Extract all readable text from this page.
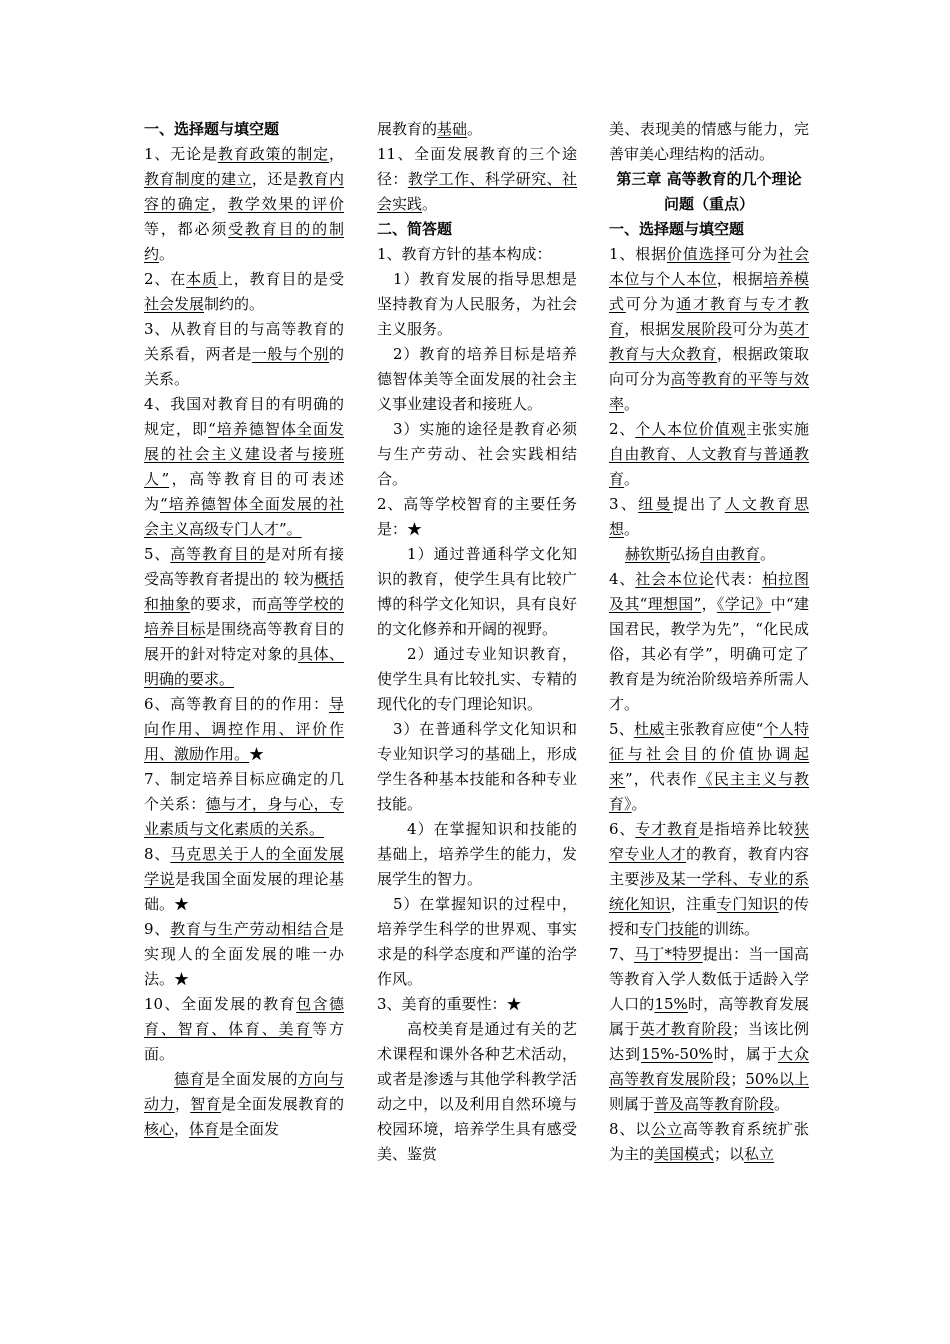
一、选择题与填空题

1、无论是教育政策的制定，教育制度的建立，还是教育内容的确定，教学效果的评价等，都必须受教育目的的制约。

2、在本质上，教育目的是受社会发展制约的。

3、从教育目的与高等教育的关系看，两者是一般与个别的关系。

4、我国对教育目的有明确的规定，即“培养德智体全面发展的社会主义建设者与接班人”，高等教育目的可表述为“培养德智体全面发展的社会主义高级专门人才”。

5、高等教育目的是对所有接受高等教育者提出的 较为概括和抽象的要求，而高等学校的培养目标是围绕高等教育目的展开的針对特定对象的具体、明确的要求。

6、高等教育目的的作用：导向作用、调控作用、评价作用、激励作用。★

7、制定培养目标应确定的几个关系：德与才，身与心，专业素质与文化素质的关系。

8、马克思关于人的全面发展学说是我国全面发展的理论基础。★

9、教育与生产劳动相结合是实现人的全面发展的唯一办法。★

10、全面发展的教育包含德育、智育、体育、美育等方面。

德育是全面发展的方向与动力，智育是全面发展教育的核心，体育是全面发

展教育的基础。

11、全面发展教育的三个途径：教学工作、科学研究、社会实践。

二、简答题

1、教育方针的基本构成：

1）教育发展的指导思想是坚持教育为人民服务，为社会主义服务。

2）教育的培养目标是培养德智体美等全面发展的社会主义事业建设者和接班人。

3）实施的途径是教育必须与生产劳动、社会实践相结合。

2、高等学校智育的主要任务是：★

1）通过普通科学文化知识的教育，使学生具有比较广博的科学文化知识，具有良好的文化修养和开阔的视野。

2）通过专业知识教育，使学生具有比较扎实、专精的现代化的专门理论知识。

3）在普通科学文化知识和专业知识学习的基础上，形成学生各种基本技能和各种专业技能。

4）在掌握知识和技能的基础上，培养学生的能力，发展学生的智力。

5）在掌握知识的过程中，培养学生科学的世界观、事实求是的科学态度和严谨的治学作风。

3、美育的重要性：★

高校美育是通过有关的艺术课程和课外各种艺术活动，或者是渗透与其他学科教学活动之中，以及利用自然环境与校园环境，培养学生具有感受美、鉴赏

美、表现美的情感与能力，完善审美心理结构的活动。

第三章 高等教育的几个理论问题（重点）

一、选择题与填空题

1、根据价值选择可分为社会本位与个人本位，根据培养模式可分为通才教育与专才教育，根据发展阶段可分为英才教育与大众教育，根据政策取向可分为高等教育的平等与效率。

2、个人本位价值观主张实施自由教育、人文教育与普通教育。

3、纽曼提出了人文教育思想。

赫钦斯弘扬自由教育。

4、社会本位论代表：柏拉图及其“理想国”，《学记》中“建国君民，教学为先”，“化民成俗，其必有学”，明确可定了教育是为统治阶级培养所需人才。

5、杜威主张教育应使“个人特征与社会目的价值协调起来”，代表作《民主主义与教育》。

6、专才教育是指培养比较狭窄专业人才的教育，教育内容主要涉及某一学科、专业的系统化知识，注重专门知识的传授和专门技能的训练。

7、马丁*特罗提出：当一国高等教育入学人数低于适龄入学人口的15%时，高等教育发展属于英才教育阶段；当该比例达到15%-50%时，属于大众高等教育发展阶段；50%以上则属于普及高等教育阶段。

8、以公立高等教育系统扩张为主的美国模式；以私立
